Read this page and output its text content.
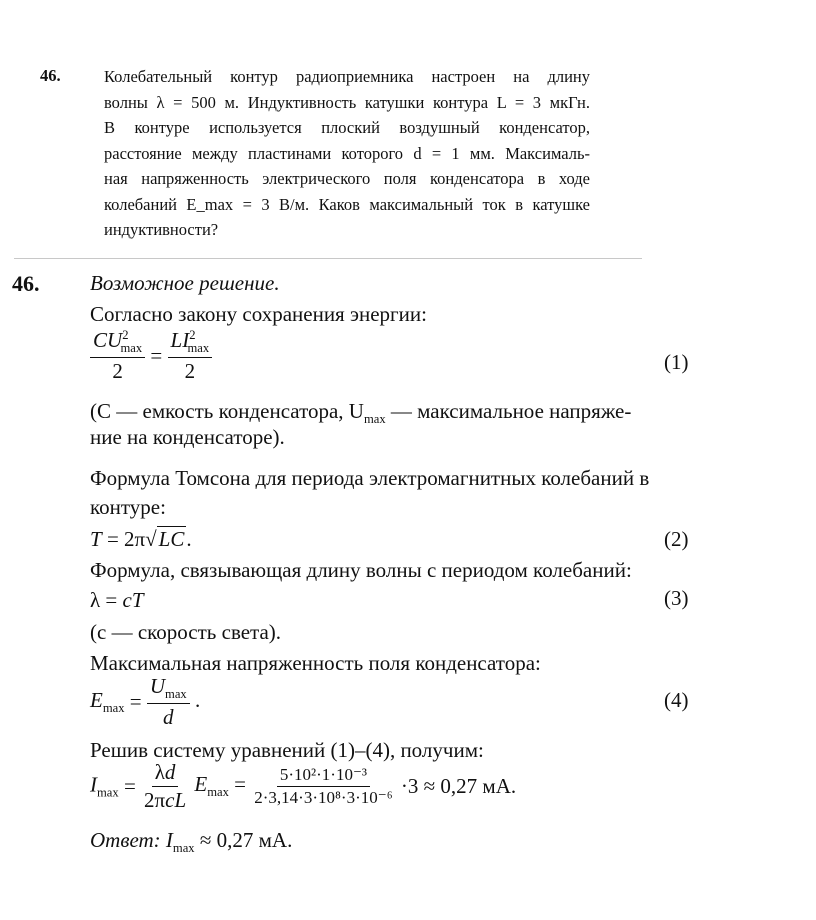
46.	Колебательный контур радиоприемника настроен на длину
волны λ = 500 м. Индуктивность катушки контура L = 3 мкГн.
В контуре используется плоский воздушный конденсатор,
расстояние между пластинами которого d = 1 мм. Максималь-
ная напряженность электрического поля конденсатора в ходе
колебаний E_max = 3 В/м. Каков максимальный ток в катушке
индуктивности?
46. Возможное решение.
Согласно закону сохранения энергии:
$\frac{CU^2_{max}}{2} = \frac{LI^2_{max}}{2}$	(1)
(C — емкость конденсатора, $U_{max}$ — максимальное напряже-
ние на конденсаторе).
Формула Томсона для периода электромагнитных колебаний в
контуре:
T = 2π√LC.	(2)
Формула, связывающая длину волны с периодом колебаний:
λ = cT	(3)
(c — скорость света).
Максимальная напряженность поля конденсатора:
$E_{max} = \frac{U_{max}}{d}$ .	(4)
Решив систему уравнений (1)–(4), получим:
$I_{max} = \frac{\lambda d}{\text{2πcL}} E_{max} = \frac{\text{5·10²·1·10⁻³}}{\text{2·3,14·3·10⁸·3·10⁻⁶}} \cdot 3 \approx 0,27$ мА.
Ответ: $I_{max} \approx 0,27$ мА.
